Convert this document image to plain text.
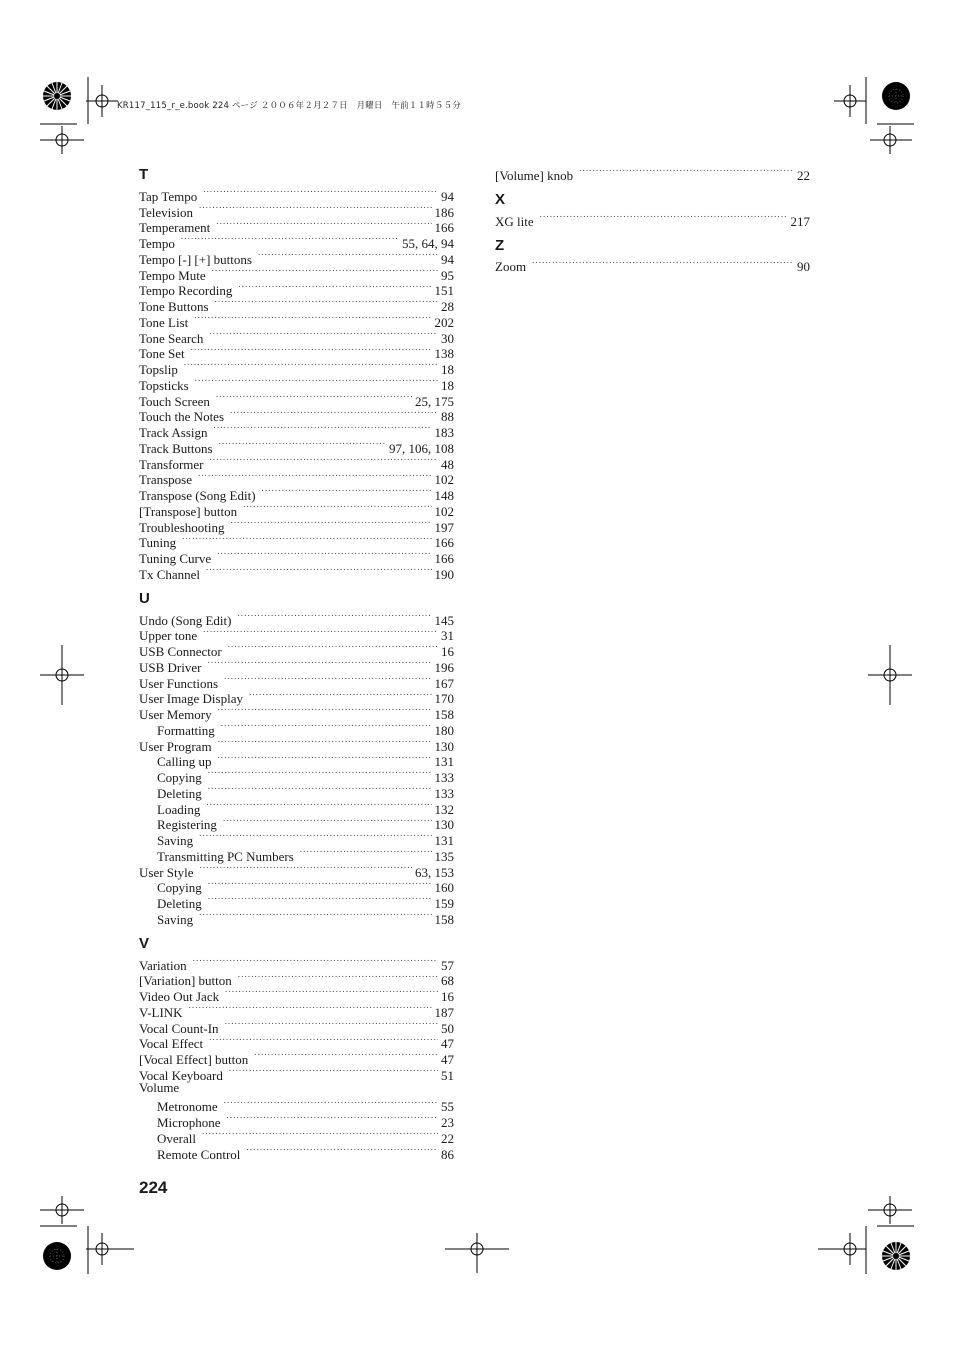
KR117_115_r_e.book 224 ページ ２００６年２月２７日　月曜日　午前１１時５５分
T
Tap Tempo .....	94
Television .....	186
Temperament .....	166
Tempo .....	55, 64, 94
Tempo [-] [+] buttons .....	94
Tempo Mute .....	95
Tempo Recording .....	151
Tone Buttons .....	28
Tone List .....	202
Tone Search .....	30
Tone Set .....	138
Topslip .....	18
Topsticks .....	18
Touch Screen .....	25, 175
Touch the Notes .....	88
Track Assign .....	183
Track Buttons .....	97, 106, 108
Transformer .....	48
Transpose .....	102
Transpose (Song Edit) .....	148
[Transpose] button .....	102
Troubleshooting .....	197
Tuning .....	166
Tuning Curve .....	166
Tx Channel .....	190
U
Undo (Song Edit) .....	145
Upper tone .....	31
USB Connector .....	16
USB Driver .....	196
User Functions .....	167
User Image Display .....	170
User Memory .....	158
Formatting .....	180
User Program .....	130
Calling up .....	131
Copying .....	133
Deleting .....	133
Loading .....	132
Registering .....	130
Saving .....	131
Transmitting PC Numbers .....	135
User Style .....	63, 153
Copying .....	160
Deleting .....	159
Saving .....	158
V
Variation .....	57
[Variation] button .....	68
Video Out Jack .....	16
V-LINK .....	187
Vocal Count-In .....	50
Vocal Effect .....	47
[Vocal Effect] button .....	47
Vocal Keyboard .....	51
Volume
Metronome .....	55
Microphone .....	23
Overall .....	22
Remote Control .....	86
[Volume] knob .....	22
X
XG lite .....	217
Z
Zoom .....	90
224
